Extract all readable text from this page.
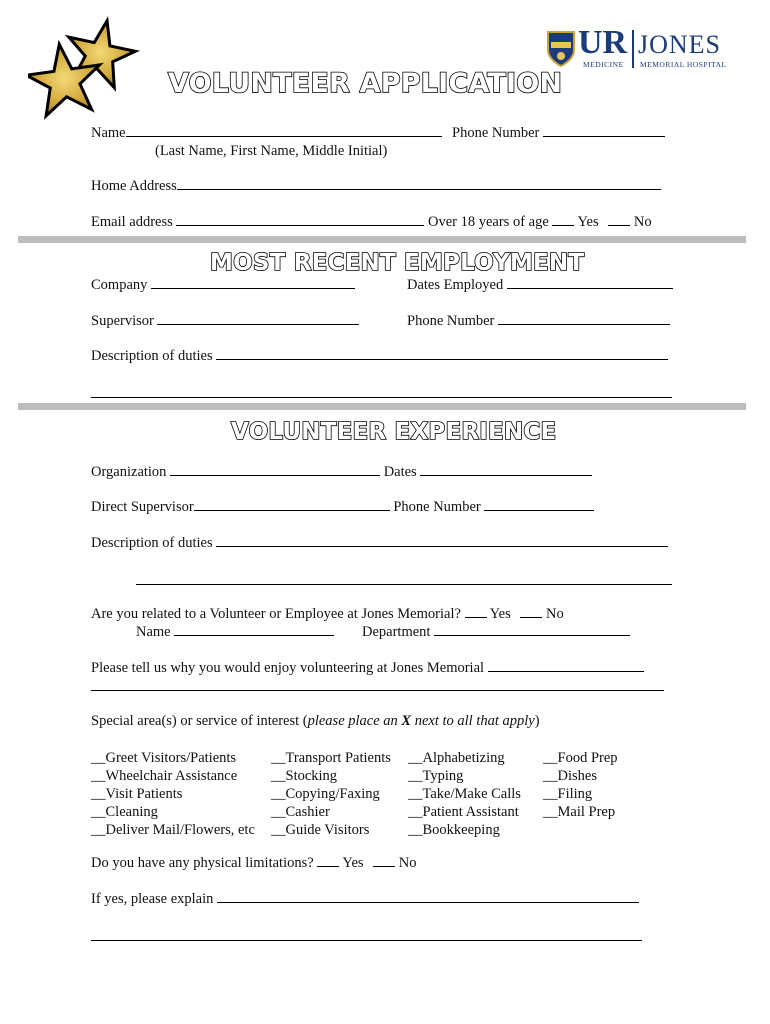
UR
MEDICINE
JONES
MEMORIAL HOSPITAL
VOLUNTEER APPLICATION
Name	Phone Number
(Last Name, First Name, Middle Initial)
Home Address
Email address	Over 18 years of age Yes No
MOST RECENT EMPLOYMENT
Company	Dates Employed
Supervisor	Phone Number
Description of duties
VOLUNTEER EXPERIENCE
Organization	Dates
Direct Supervisor	Phone Number
Description of duties
Are you related to a Volunteer or Employee at Jones Memorial? Yes No
Name	Department
Please tell us why you would enjoy volunteering at Jones Memorial
Special area(s) or service of interest (please place an X next to all that apply)
__Greet Visitors/Patients
__Wheelchair Assistance
__Visit Patients
__Cleaning
__Deliver Mail/Flowers, etc
__Transport Patients
__Stocking
__Copying/Faxing
__Cashier
__Guide Visitors
__Alphabetizing
__Typing
__Take/Make Calls
__Patient Assistant
__Bookkeeping
__Food Prep
__Dishes
__Filing
__Mail Prep
Do you have any physical limitations? Yes No
If yes, please explain
